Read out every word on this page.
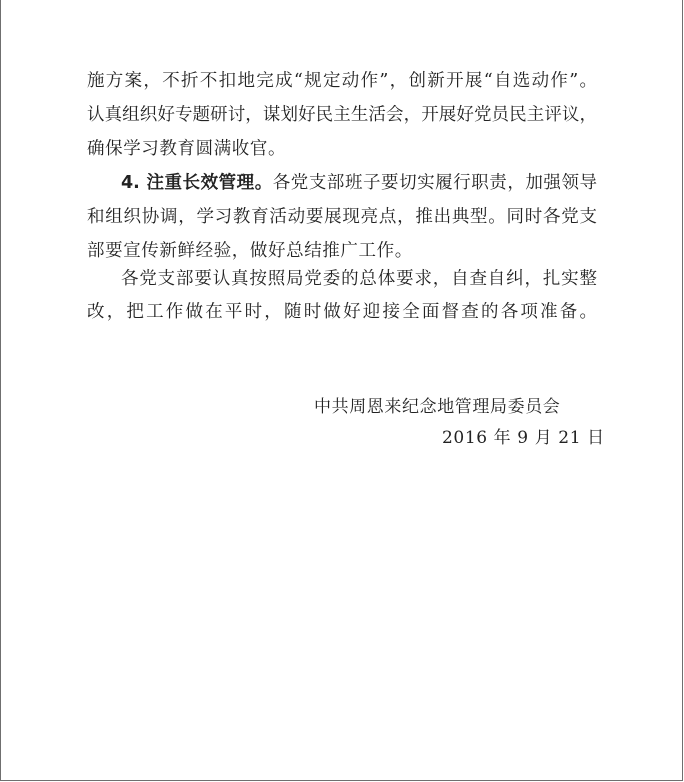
施方案，不折不扣地完成“规定动作”，创新开展“自选动作”。
认真组织好专题研讨，谋划好民主生活会，开展好党员民主评议，
确保学习教育圆满收官。
4. 注重长效管理。各党支部班子要切实履行职责，加强领导
和组织协调，学习教育活动要展现亮点，推出典型。同时各党支
部要宣传新鲜经验，做好总结推广工作。
各党支部要认真按照局党委的总体要求，自查自纠，扎实整
改，把工作做在平时，随时做好迎接全面督查的各项准备。
中共周恩来纪念地管理局委员会
2016 年 9 月 21 日
